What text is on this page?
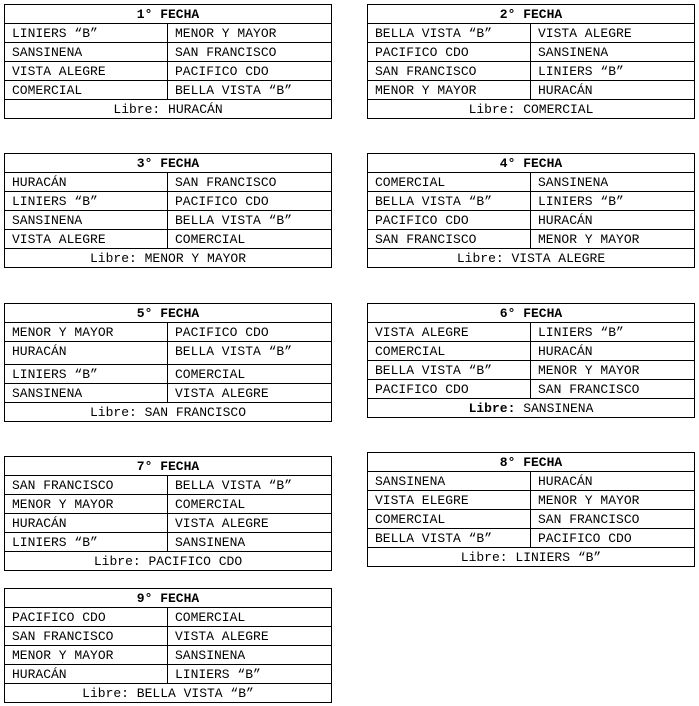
1° FECHA	
LINIERS “B”	MENOR Y MAYOR
SANSINENA	SAN FRANCISCO
VISTA ALEGRE	PACIFICO CDO
COMERCIAL	BELLA VISTA “B”
Libre: HURACÁN	
2° FECHA	
BELLA VISTA “B”	VISTA ALEGRE
PACIFICO CDO	SANSINENA
SAN FRANCISCO	LINIERS “B”
MENOR Y MAYOR	HURACÁN
Libre: COMERCIAL	
3° FECHA	
HURACÁN	SAN FRANCISCO
LINIERS “B”	PACIFICO CDO
SANSINENA	BELLA VISTA “B”
VISTA ALEGRE	COMERCIAL
Libre: MENOR Y MAYOR	
4° FECHA	
COMERCIAL	SANSINENA
BELLA VISTA “B”	LINIERS “B”
PACIFICO CDO	HURACÁN
SAN FRANCISCO	MENOR Y MAYOR
Libre: VISTA ALEGRE	
5° FECHA	
MENOR Y MAYOR	PACIFICO CDO
HURACÁN	BELLA VISTA “B”
LINIERS “B”	COMERCIAL
SANSINENA	VISTA ALEGRE
Libre: SAN FRANCISCO	
6° FECHA	
VISTA ALEGRE	LINIERS “B”
COMERCIAL	HURACÁN
BELLA VISTA “B”	MENOR Y MAYOR
PACIFICO CDO	SAN FRANCISCO
Libre: SANSINENA	
7° FECHA	
SAN FRANCISCO	BELLA VISTA “B”
MENOR Y MAYOR	COMERCIAL
HURACÁN	VISTA ALEGRE
LINIERS “B”	SANSINENA
Libre: PACIFICO CDO	
8° FECHA	
SANSINENA	HURACÁN
VISTA ELEGRE	MENOR Y MAYOR
COMERCIAL	SAN FRANCISCO
BELLA VISTA “B”	PACIFICO CDO
Libre: LINIERS “B”	
9° FECHA	
PACIFICO CDO	COMERCIAL
SAN FRANCISCO	VISTA ALEGRE
MENOR Y MAYOR	SANSINENA
HURACÁN	LINIERS “B”
Libre: BELLA VISTA “B”	
